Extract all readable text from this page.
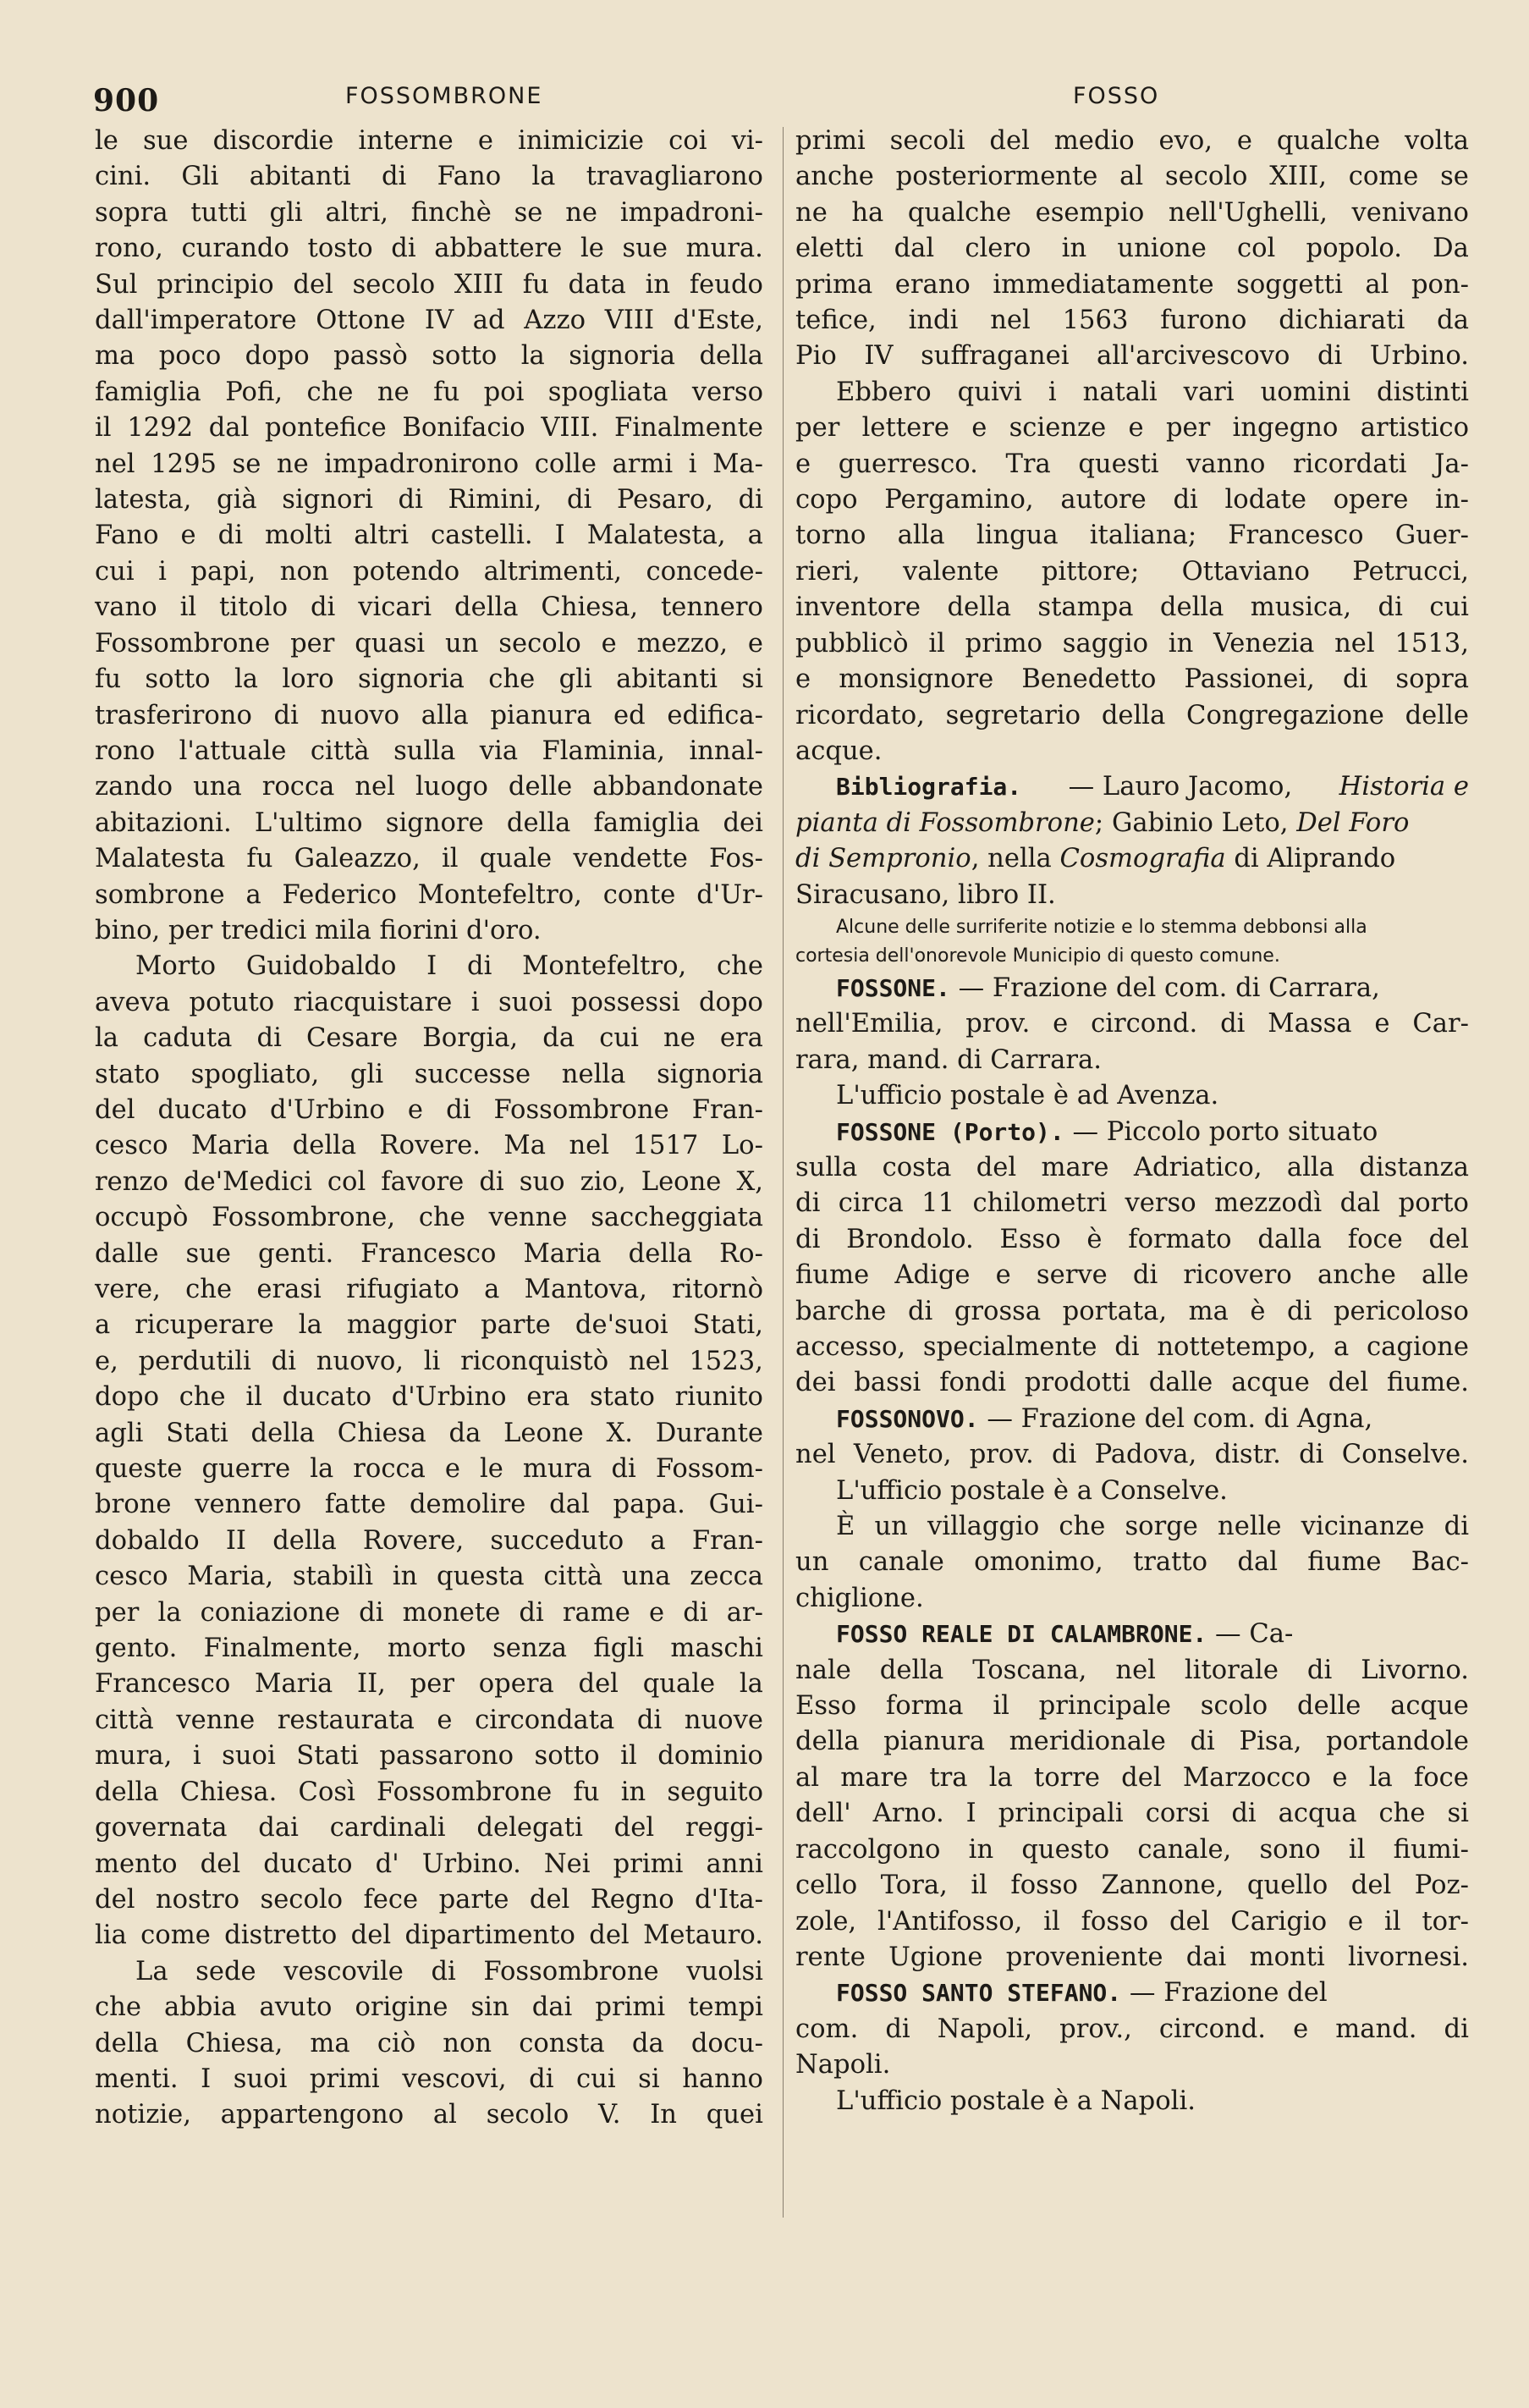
900	FOSSOMBRONE	FOSSO
le sue discordie interne e inimicizie coi vi-
cini. Gli abitanti di Fano la travagliarono
sopra tutti gli altri, finchè se ne impadroni-
rono, curando tosto di abbattere le sue mura.
Sul principio del secolo XIII fu data in feudo
dall'imperatore Ottone IV ad Azzo VIII d'Este,
ma poco dopo passò sotto la signoria della
famiglia Pofi, che ne fu poi spogliata verso
il 1292 dal pontefice Bonifacio VIII. Finalmente
nel 1295 se ne impadronirono colle armi i Ma-
latesta, già signori di Rimini, di Pesaro, di
Fano e di molti altri castelli. I Malatesta, a
cui i papi, non potendo altrimenti, concede-
vano il titolo di vicari della Chiesa, tennero
Fossombrone per quasi un secolo e mezzo, e
fu sotto la loro signoria che gli abitanti si
trasferirono di nuovo alla pianura ed edifica-
rono l'attuale città sulla via Flaminia, innal-
zando una rocca nel luogo delle abbandonate
abitazioni. L'ultimo signore della famiglia dei
Malatesta fu Galeazzo, il quale vendette Fos-
sombrone a Federico Montefeltro, conte d'Ur-
bino, per tredici mila fiorini d'oro.
Morto Guidobaldo I di Montefeltro, che
aveva potuto riacquistare i suoi possessi dopo
la caduta di Cesare Borgia, da cui ne era
stato spogliato, gli successe nella signoria
del ducato d'Urbino e di Fossombrone Fran-
cesco Maria della Rovere. Ma nel 1517 Lo-
renzo de'Medici col favore di suo zio, Leone X,
occupò Fossombrone, che venne saccheggiata
dalle sue genti. Francesco Maria della Ro-
vere, che erasi rifugiato a Mantova, ritornò
a ricuperare la maggior parte de'suoi Stati,
e, perdutili di nuovo, li riconquistò nel 1523,
dopo che il ducato d'Urbino era stato riunito
agli Stati della Chiesa da Leone X. Durante
queste guerre la rocca e le mura di Fossom-
brone vennero fatte demolire dal papa. Gui-
dobaldo II della Rovere, succeduto a Fran-
cesco Maria, stabilì in questa città una zecca
per la coniazione di monete di rame e di ar-
gento. Finalmente, morto senza figli maschi
Francesco Maria II, per opera del quale la
città venne restaurata e circondata di nuove
mura, i suoi Stati passarono sotto il dominio
della Chiesa. Così Fossombrone fu in seguito
governata dai cardinali delegati del reggi-
mento del ducato d' Urbino. Nei primi anni
del nostro secolo fece parte del Regno d'Ita-
lia come distretto del dipartimento del Metauro.
La sede vescovile di Fossombrone vuolsi
che abbia avuto origine sin dai primi tempi
della Chiesa, ma ciò non consta da docu-
menti. I suoi primi vescovi, di cui si hanno
notizie, appartengono al secolo V. In quei
primi secoli del medio evo, e qualche volta
anche posteriormente al secolo XIII, come se
ne ha qualche esempio nell'Ughelli, venivano
eletti dal clero in unione col popolo. Da
prima erano immediatamente soggetti al pon-
tefice, indi nel 1563 furono dichiarati da
Pio IV suffraganei all'arcivescovo di Urbino.
Ebbero quivi i natali vari uomini distinti
per lettere e scienze e per ingegno artistico
e guerresco. Tra questi vanno ricordati Ja-
copo Pergamino, autore di lodate opere in-
torno alla lingua italiana; Francesco Guer-
rieri, valente pittore; Ottaviano Petrucci,
inventore della stampa della musica, di cui
pubblicò il primo saggio in Venezia nel 1513,
e monsignore Benedetto Passionei, di sopra
ricordato, segretario della Congregazione delle
acque.
Bibliografia. — Lauro Jacomo, Historia e
pianta di Fossombrone; Gabinio Leto, Del Foro
di Sempronio, nella Cosmografia di Aliprando
Siracusano, libro II.
Alcune delle surriferite notizie e lo stemma debbonsi alla
cortesia dell'onorevole Municipio di questo comune.
FOSSONE. — Frazione del com. di Carrara,
nell'Emilia, prov. e circond. di Massa e Car-
rara, mand. di Carrara.
L'ufficio postale è ad Avenza.
FOSSONE (Porto). — Piccolo porto situato
sulla costa del mare Adriatico, alla distanza
di circa 11 chilometri verso mezzodì dal porto
di Brondolo. Esso è formato dalla foce del
fiume Adige e serve di ricovero anche alle
barche di grossa portata, ma è di pericoloso
accesso, specialmente di nottetempo, a cagione
dei bassi fondi prodotti dalle acque del fiume.
FOSSONOVO. — Frazione del com. di Agna,
nel Veneto, prov. di Padova, distr. di Conselve.
L'ufficio postale è a Conselve.
È un villaggio che sorge nelle vicinanze di
un canale omonimo, tratto dal fiume Bac-
chiglione.
FOSSO REALE DI CALAMBRONE. — Ca-
nale della Toscana, nel litorale di Livorno.
Esso forma il principale scolo delle acque
della pianura meridionale di Pisa, portandole
al mare tra la torre del Marzocco e la foce
dell' Arno. I principali corsi di acqua che si
raccolgono in questo canale, sono il fiumi-
cello Tora, il fosso Zannone, quello del Poz-
zole, l'Antifosso, il fosso del Carigio e il tor-
rente Ugione proveniente dai monti livornesi.
FOSSO SANTO STEFANO. — Frazione del
com. di Napoli, prov., circond. e mand. di
Napoli.
L'ufficio postale è a Napoli.
